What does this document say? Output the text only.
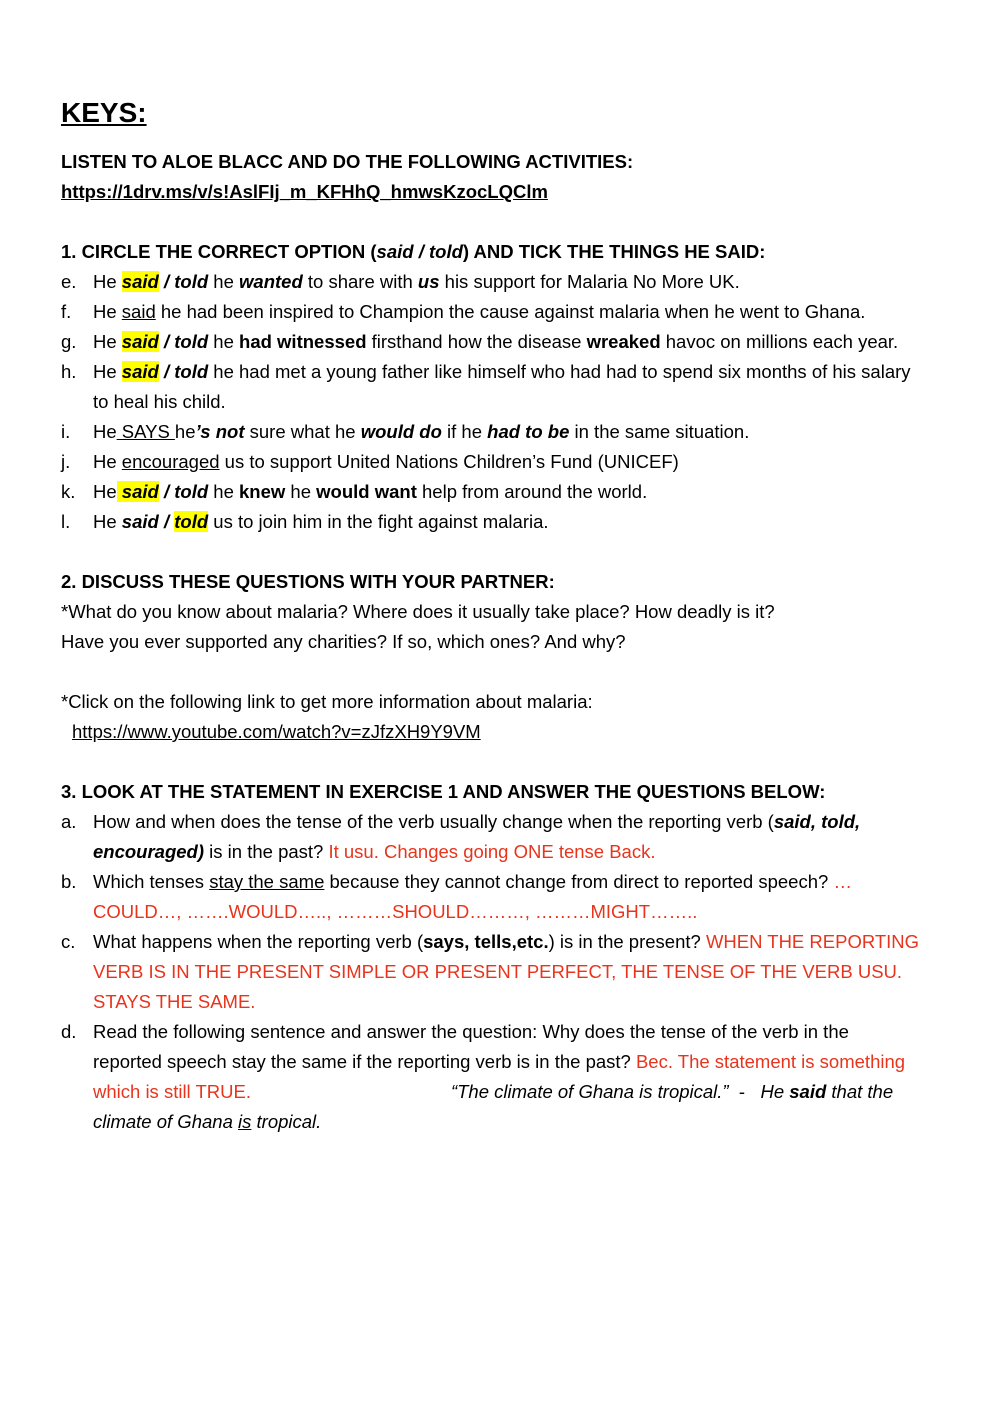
KEYS:
LISTEN TO ALOE BLACC AND DO THE FOLLOWING ACTIVITIES:
https://1drv.ms/v/s!AslFIj_m_KFHhQ_hmwsKzocLQClm
1. CIRCLE THE CORRECT OPTION (said / told) AND TICK THE THINGS HE SAID:
e. He said / told he wanted to share with us his support for Malaria No More UK.
f.	He said he had been inspired to Champion the cause against malaria when he went to Ghana.
g. He said / told he had witnessed firsthand how the disease wreaked havoc on millions each year.
h. He said / told he had met a young father like himself who had had to spend six months of his salary to heal his child.
i.	He SAYS he’s not sure what he would do if he had to be in the same situation.
j.	He encouraged us to support United Nations Children’s Fund (UNICEF)
k. He said / told he knew he would want help from around the world.
l.	He said / told us to join him in the fight against malaria.
2. DISCUSS THESE QUESTIONS WITH YOUR PARTNER:
*What do you know about malaria? Where does it usually take place? How deadly is it?
Have you ever supported any charities? If so, which ones? And why?
*Click on the following link to get more information about malaria:
https://www.youtube.com/watch?v=zJfzXH9Y9VM
3. LOOK AT THE STATEMENT IN EXERCISE 1 AND ANSWER THE QUESTIONS BELOW:
a. How and when does the tense of the verb usually change when the reporting verb (said, told, encouraged) is in the past? It usu. Changes going ONE tense Back.
b. Which tenses stay the same because they cannot change from direct to reported speech? …COULD…, …….WOULD….., ………SHOULD………, ………MIGHT……..
c. What happens when the reporting verb (says, tells,etc.) is in the present? WHEN THE REPORTING VERB IS IN THE PRESENT SIMPLE OR PRESENT PERFECT, THE TENSE OF THE VERB USU. STAYS THE SAME.
d. Read the following sentence and answer the question: Why does the tense of the verb in the reported speech stay the same if the reporting verb is in the past? Bec. The statement is something which is still TRUE.	“The climate of Ghana is tropical.”  -   He said that the climate of Ghana is tropical.
